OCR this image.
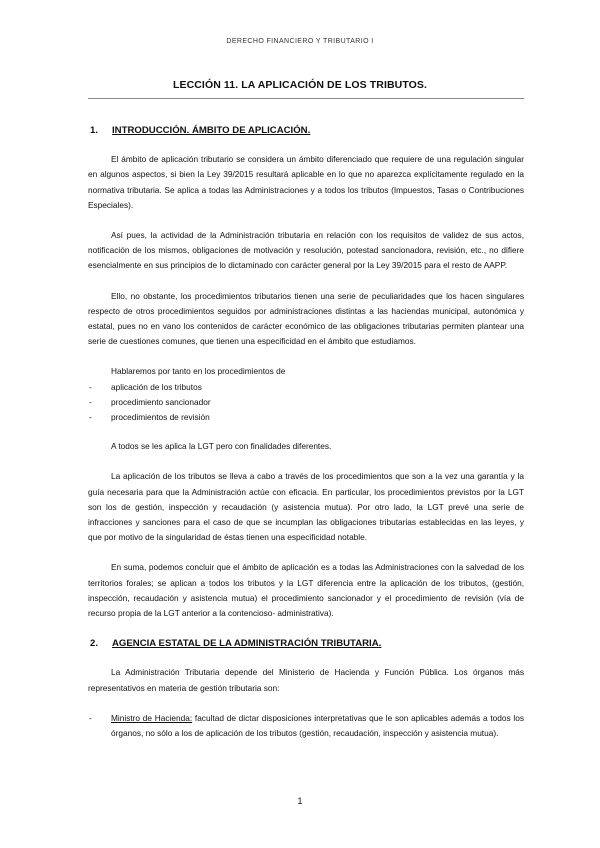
DERECHO FINANCIERO Y TRIBUTARIO I
LECCIÓN 11. LA APLICACIÓN DE LOS TRIBUTOS.
1. INTRODUCCIÓN. ÁMBITO DE APLICACIÓN.

El ámbito de aplicación tributario se considera un ámbito diferenciado que requiere de una regulación singular en algunos aspectos, si bien la Ley 39/2015 resultará aplicable en lo que no aparezca explícitamente regulado en la normativa tributaria. Se aplica a todas las Administraciones y a todos los tributos (Impuestos, Tasas o Contribuciones Especiales).

Así pues, la actividad de la Administración tributaria en relación con los requisitos de validez de sus actos, notificación de los mismos, obligaciones de motivación y resolución, potestad sancionadora, revisión, etc., no difiere esencialmente en sus principios de lo dictaminado con carácter general por la Ley 39/2015 para el resto de AAPP.

Ello, no obstante, los procedimientos tributarios tienen una serie de peculiaridades que los hacen singulares respecto de otros procedimientos seguidos por administraciones distintas a las haciendas municipal, autonómica y estatal, pues no en vano los contenidos de carácter económico de las obligaciones tributarias permiten plantear una serie de cuestiones comunes, que tienen una especificidad en el ámbito que estudiamos.

Hablaremos por tanto en los procedimientos de

- aplicación de los tributos
- procedimiento sancionador
- procedimientos de revisión

A todos se les aplica la LGT pero con finalidades diferentes.

La aplicación de los tributos se lleva a cabo a través de los procedimientos que son a la vez una garantía y la guía necesaria para que la Administración actúe con eficacia. En particular, los procedimientos previstos por la LGT son los de gestión, inspección y recaudación (y asistencia mutua). Por otro lado, la LGT prevé una serie de infracciones y sanciones para el caso de que se incumplan las obligaciones tributarias establecidas en las leyes, y que por motivo de la singularidad de éstas tienen una especificidad notable.

En suma, podemos concluir que el ámbito de aplicación es a todas las Administraciones con la salvedad de los territorios forales; se aplican a todos los tributos y la LGT diferencia entre la aplicación de los tributos, (gestión, inspección, recaudación y asistencia mutua) el procedimiento sancionador y el procedimiento de revisión (vía de recurso propia de la LGT anterior a la contencioso- administrativa).

2. AGENCIA ESTATAL DE LA ADMINISTRACIÓN TRIBUTARIA.

La Administración Tributaria depende del Ministerio de Hacienda y Función Pública. Los órganos más representativos en materia de gestión tributaria son:

- Ministro de Hacienda: facultad de dictar disposiciones interpretativas que le son aplicables además a todos los órganos, no sólo a los de aplicación de los tributos (gestión, recaudación, inspección y asistencia mutua).
1
